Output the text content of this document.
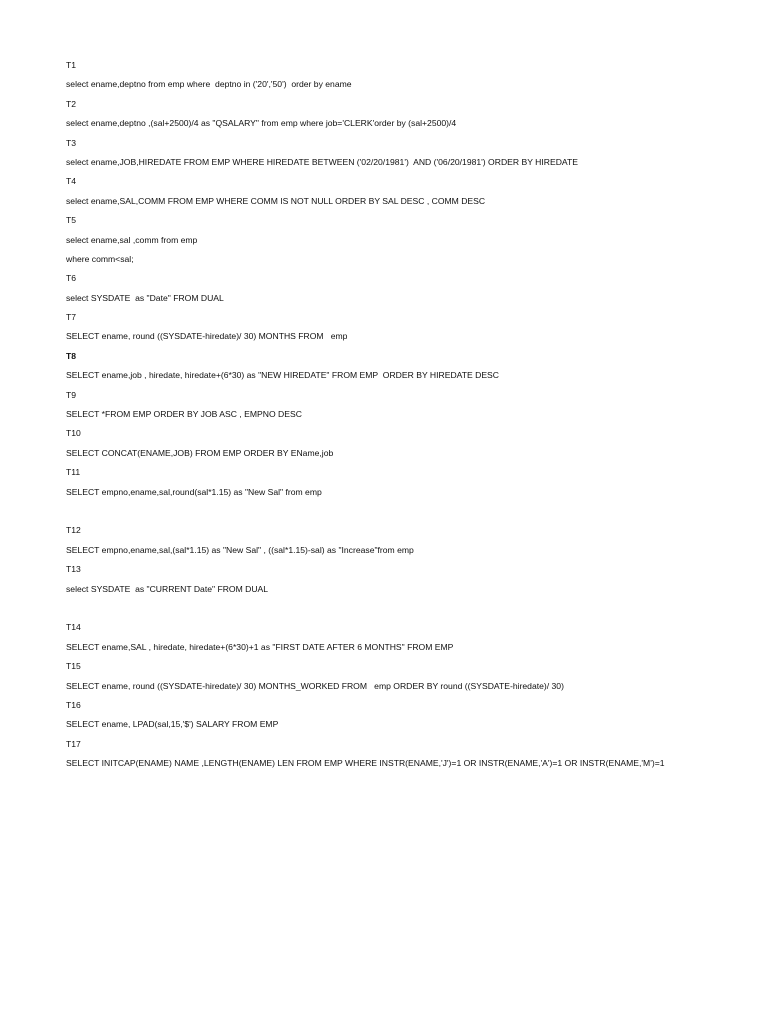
T1
select ename,deptno from emp where  deptno in ('20','50')  order by ename
T2
select ename,deptno ,(sal+2500)/4 as "QSALARY" from emp where job='CLERK'order by (sal+2500)/4
T3
select ename,JOB,HIREDATE FROM EMP WHERE HIREDATE BETWEEN ('02/20/1981')  AND ('06/20/1981') ORDER BY HIREDATE
T4
select ename,SAL,COMM FROM EMP WHERE COMM IS NOT NULL ORDER BY SAL DESC , COMM DESC
T5
select ename,sal ,comm from emp
where comm<sal;
T6
select SYSDATE  as "Date" FROM DUAL
T7
SELECT ename, round ((SYSDATE-hiredate)/ 30) MONTHS FROM   emp
T8
SELECT ename,job , hiredate, hiredate+(6*30) as "NEW HIREDATE" FROM EMP  ORDER BY HIREDATE DESC
T9
SELECT *FROM EMP ORDER BY JOB ASC , EMPNO DESC
T10
SELECT CONCAT(ENAME,JOB) FROM EMP ORDER BY EName,job
T11
SELECT empno,ename,sal,round(sal*1.15) as "New Sal" from emp
T12
SELECT empno,ename,sal,(sal*1.15) as "New Sal" , ((sal*1.15)-sal) as "Increase"from emp
T13
select SYSDATE  as "CURRENT Date" FROM DUAL
T14
SELECT ename,SAL , hiredate, hiredate+(6*30)+1 as "FIRST DATE AFTER 6 MONTHS" FROM EMP
T15
SELECT ename, round ((SYSDATE-hiredate)/ 30) MONTHS_WORKED FROM   emp ORDER BY round ((SYSDATE-hiredate)/ 30)
T16
SELECT ename, LPAD(sal,15,'$') SALARY FROM EMP
T17
SELECT INITCAP(ENAME) NAME ,LENGTH(ENAME) LEN FROM EMP WHERE INSTR(ENAME,'J')=1 OR INSTR(ENAME,'A')=1 OR INSTR(ENAME,'M')=1
